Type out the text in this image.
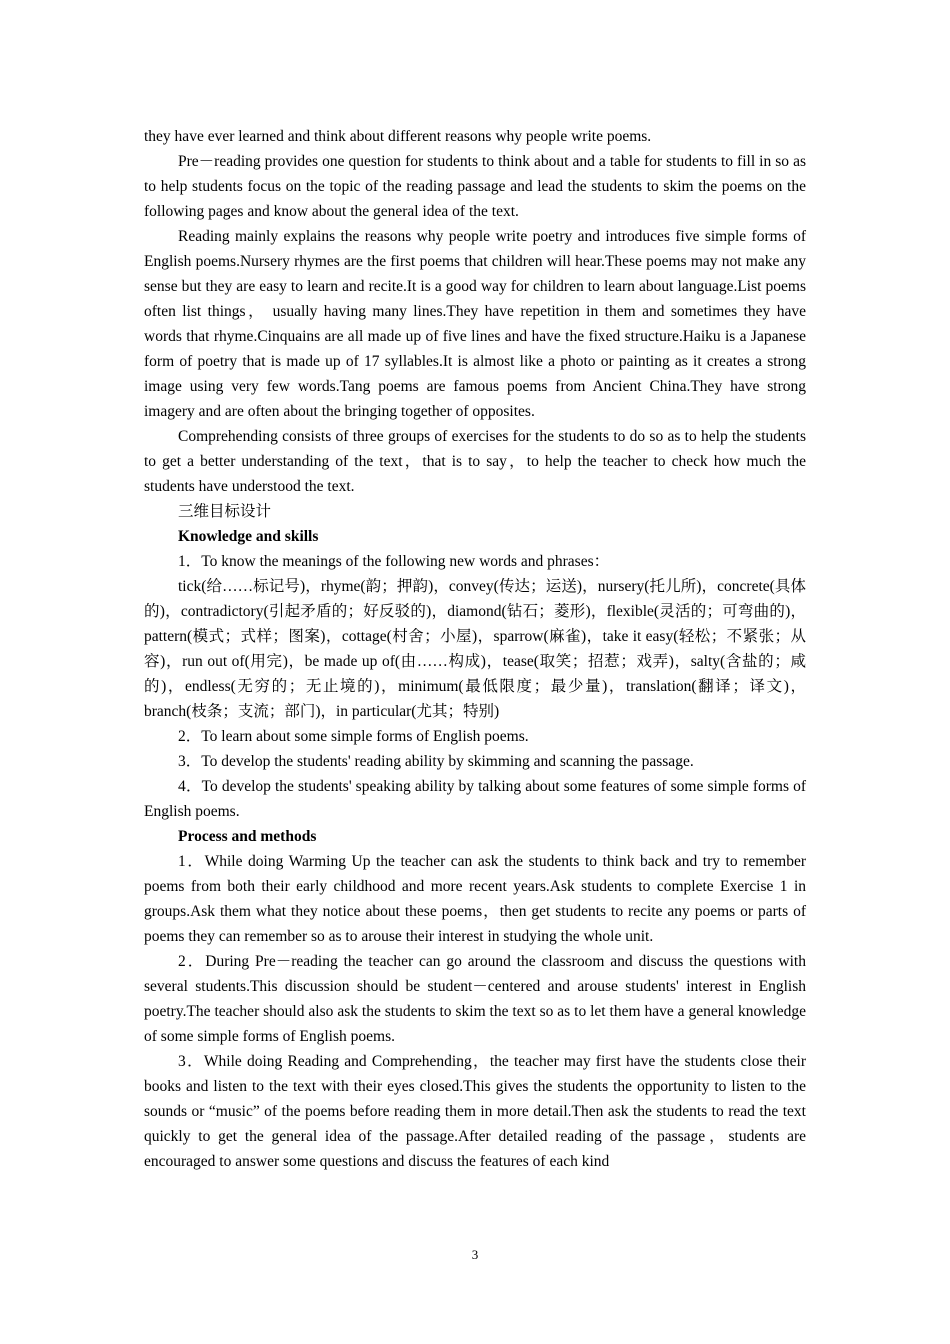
they have ever learned and think about different reasons why people write poems.

Pre－reading provides one question for students to think about and a table for students to fill in so as to help students focus on the topic of the reading passage and lead the students to skim the poems on the following pages and know about the general idea of the text.

Reading mainly explains the reasons why people write poetry and introduces five simple forms of English poems.Nursery rhymes are the first poems that children will hear.These poems may not make any sense but they are easy to learn and recite.It is a good way for children to learn about language.List poems often list things， usually having many lines.They have repetition in them and sometimes they have words that rhyme.Cinquains are all made up of five lines and have the fixed structure.Haiku is a Japanese form of poetry that is made up of 17 syllables.It is almost like a photo or painting as it creates a strong image using very few words.Tang poems are famous poems from Ancient China.They have strong imagery and are often about the bringing together of opposites.

Comprehending consists of three groups of exercises for the students to do so as to help the students to get a better understanding of the text，that is to say，to help the teacher to check how much the students have understood the text.

三维目标设计

Knowledge and skills

1．To know the meanings of the following new words and phrases：

tick(给……标记号)，rhyme(韵；押韵)，convey(传达；运送)，nursery(托儿所)，concrete(具体的)，contradictory(引起矛盾的；好反驳的)，diamond(钻石；菱形)，flexible(灵活的；可弯曲的)，pattern(模式；式样；图案)，cottage(村舍；小屋)，sparrow(麻雀)，take it easy(轻松；不紧张；从容)，run out of(用完)，be made up of(由……构成)，tease(取笑；招惹；戏弄)，salty(含盐的；咸的)，endless(无穷的；无止境的)，minimum(最低限度；最少量)，translation(翻译；译文)，branch(枝条；支流；部门)，in particular(尤其；特别)

2．To learn about some simple forms of English poems.

3．To develop the students' reading ability by skimming and scanning the passage.

4．To develop the students' speaking ability by talking about some features of some simple forms of English poems.

Process and methods

1．While doing Warming Up the teacher can ask the students to think back and try to remember poems from both their early childhood and more recent years.Ask students to complete Exercise 1 in groups.Ask them what they notice about these poems，then get students to recite any poems or parts of poems they can remember so as to arouse their interest in studying the whole unit.

2．During Pre－reading the teacher can go around the classroom and discuss the questions with several students.This discussion should be student－centered and arouse students' interest in English poetry.The teacher should also ask the students to skim the text so as to let them have a general knowledge of some simple forms of English poems.

3．While doing Reading and Comprehending，the teacher may first have the students close their books and listen to the text with their eyes closed.This gives the students the opportunity to listen to the sounds or “music” of the poems before reading them in more detail.Then ask the students to read the text quickly to get the general idea of the passage.After detailed reading of the passage，students are encouraged to answer some questions and discuss the features of each kind

3
